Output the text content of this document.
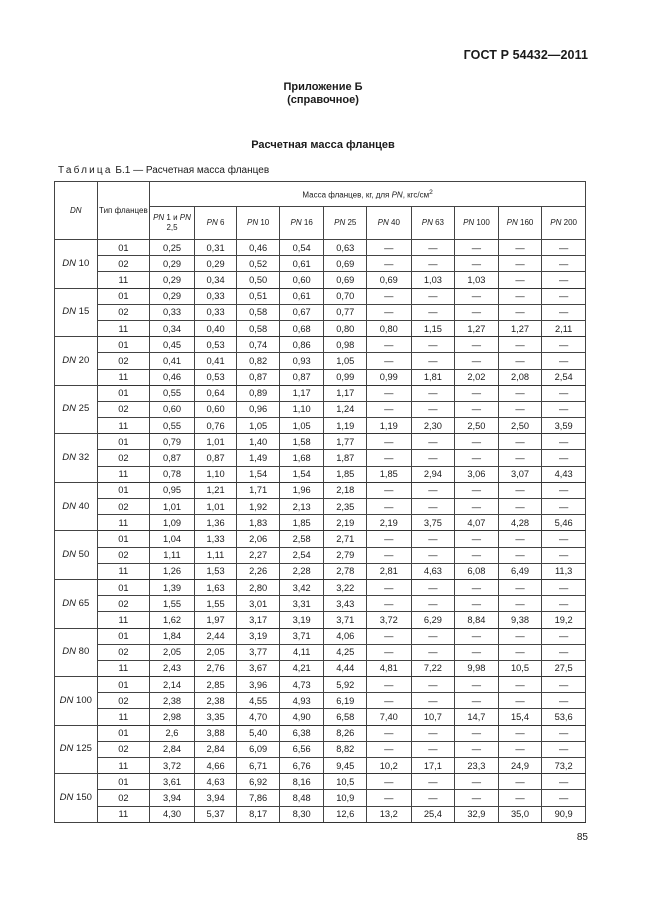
ГОСТ Р 54432—2011
Приложение Б
(справочное)
Расчетная масса фланцев
Таблица Б.1 — Расчетная масса фланцев
DN	Тип фланцев	Масса фланцев, кг, для PN, кгс/$см^2$
		PN 1 и PN 2,5	PN 6	PN 10	PN 16	PN 25	PN 40	PN 63	PN 100	PN 160	PN 200
DN 10	01	0,25	0,31	0,46	0,54	0,63	—	—	—	—	—
	02	0,29	0,29	0,52	0,61	0,69	—	—	—	—	—
	11	0,29	0,34	0,50	0,60	0,69	0,69	1,03	1,03	—	—
DN 15	01	0,29	0,33	0,51	0,61	0,70	—	—	—	—	—
	02	0,33	0,33	0,58	0,67	0,77	—	—	—	—	—
	11	0,34	0,40	0,58	0,68	0,80	0,80	1,15	1,27	1,27	2,11
DN 20	01	0,45	0,53	0,74	0,86	0,98	—	—	—	—	—
	02	0,41	0,41	0,82	0,93	1,05	—	—	—	—	—
	11	0,46	0,53	0,87	0,87	0,99	0,99	1,81	2,02	2,08	2,54
DN 25	01	0,55	0,64	0,89	1,17	1,17	—	—	—	—	—
	02	0,60	0,60	0,96	1,10	1,24	—	—	—	—	—
	11	0,55	0,76	1,05	1,05	1,19	1,19	2,30	2,50	2,50	3,59
DN 32	01	0,79	1,01	1,40	1,58	1,77	—	—	—	—	—
	02	0,87	0,87	1,49	1,68	1,87	—	—	—	—	—
	11	0,78	1,10	1,54	1,54	1,85	1,85	2,94	3,06	3,07	4,43
DN 40	01	0,95	1,21	1,71	1,96	2,18	—	—	—	—	—
	02	1,01	1,01	1,92	2,13	2,35	—	—	—	—	—
	11	1,09	1,36	1,83	1,85	2,19	2,19	3,75	4,07	4,28	5,46
DN 50	01	1,04	1,33	2,06	2,58	2,71	—	—	—	—	—
	02	1,11	1,11	2,27	2,54	2,79	—	—	—	—	—
	11	1,26	1,53	2,26	2,28	2,78	2,81	4,63	6,08	6,49	11,3
DN 65	01	1,39	1,63	2,80	3,42	3,22	—	—	—	—	—
	02	1,55	1,55	3,01	3,31	3,43	—	—	—	—	—
	11	1,62	1,97	3,17	3,19	3,71	3,72	6,29	8,84	9,38	19,2
DN 80	01	1,84	2,44	3,19	3,71	4,06	—	—	—	—	—
	02	2,05	2,05	3,77	4,11	4,25	—	—	—	—	—
	11	2,43	2,76	3,67	4,21	4,44	4,81	7,22	9,98	10,5	27,5
DN 100	01	2,14	2,85	3,96	4,73	5,92	—	—	—	—	—
	02	2,38	2,38	4,55	4,93	6,19	—	—	—	—	—
	11	2,98	3,35	4,70	4,90	6,58	7,40	10,7	14,7	15,4	53,6
DN 125	01	2,6	3,88	5,40	6,38	8,26	—	—	—	—	—
	02	2,84	2,84	6,09	6,56	8,82	—	—	—	—	—
	11	3,72	4,66	6,71	6,76	9,45	10,2	17,1	23,3	24,9	73,2
DN 150	01	3,61	4,63	6,92	8,16	10,5	—	—	—	—	—
	02	3,94	3,94	7,86	8,48	10,9	—	—	—	—	—
	11	4,30	5,37	8,17	8,30	12,6	13,2	25,4	32,9	35,0	90,9
85
